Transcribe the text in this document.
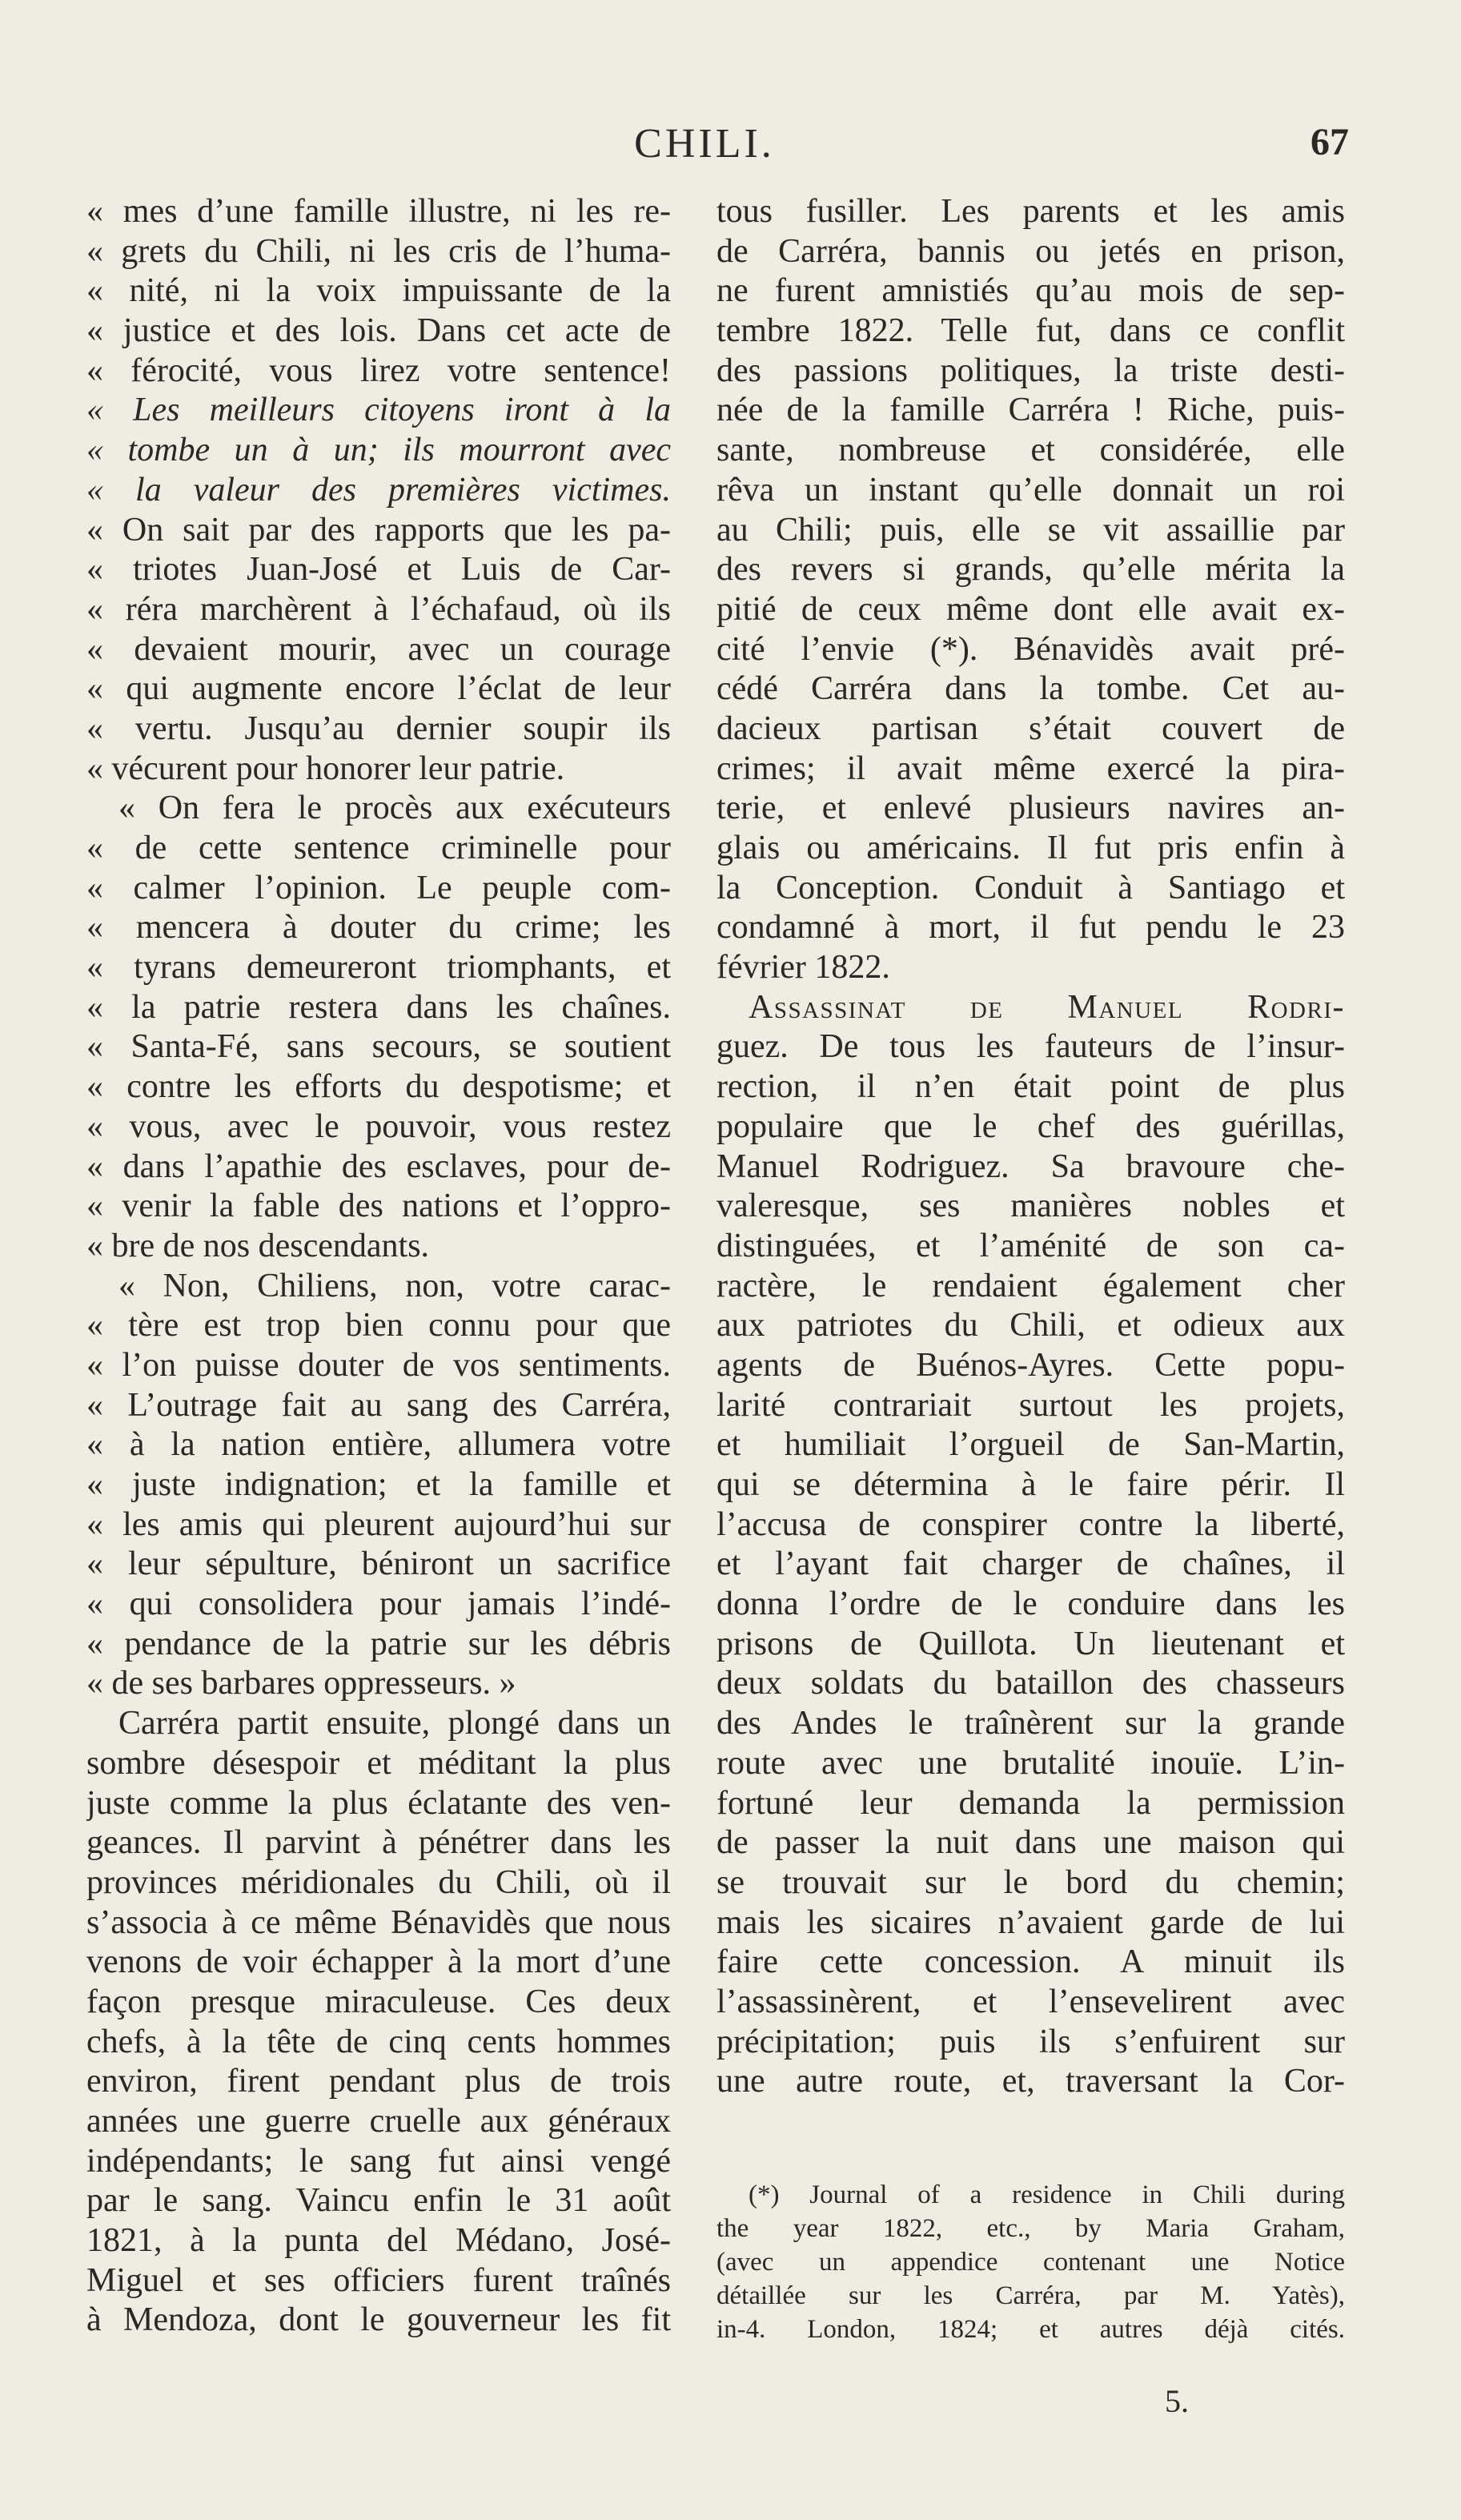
CHILI.	67
« mes d’une famille illustre, ni les re-
« grets du Chili, ni les cris de l’huma-
« nité, ni la voix impuissante de la
« justice et des lois. Dans cet acte de
« férocité, vous lirez votre sentence!
« Les meilleurs citoyens iront à la
« tombe un à un; ils mourront avec
« la valeur des premières victimes.
« On sait par des rapports que les pa-
« triotes Juan-José et Luis de Car-
« réra marchèrent à l’échafaud, où ils
« devaient mourir, avec un courage
« qui augmente encore l’éclat de leur
« vertu. Jusqu’au dernier soupir ils
« vécurent pour honorer leur patrie.
« On fera le procès aux exécuteurs
« de cette sentence criminelle pour
« calmer l’opinion. Le peuple com-
« mencera à douter du crime; les
« tyrans demeureront triomphants, et
« la patrie restera dans les chaînes.
« Santa-Fé, sans secours, se soutient
« contre les efforts du despotisme; et
« vous, avec le pouvoir, vous restez
« dans l’apathie des esclaves, pour de-
« venir la fable des nations et l’oppro-
« bre de nos descendants.
« Non, Chiliens, non, votre carac-
« tère est trop bien connu pour que
« l’on puisse douter de vos sentiments.
« L’outrage fait au sang des Carréra,
« à la nation entière, allumera votre
« juste indignation; et la famille et
« les amis qui pleurent aujourd’hui sur
« leur sépulture, béniront un sacrifice
« qui consolidera pour jamais l’indé-
« pendance de la patrie sur les débris
« de ses barbares oppresseurs. »
Carréra partit ensuite, plongé dans un
sombre désespoir et méditant la plus
juste comme la plus éclatante des ven-
geances. Il parvint à pénétrer dans les
provinces méridionales du Chili, où il
s’associa à ce même Bénavidès que nous
venons de voir échapper à la mort d’une
façon presque miraculeuse. Ces deux
chefs, à la tête de cinq cents hommes
environ, firent pendant plus de trois
années une guerre cruelle aux généraux
indépendants; le sang fut ainsi vengé
par le sang. Vaincu enfin le 31 août
1821, à la punta del Médano, José-
Miguel et ses officiers furent traînés
à Mendoza, dont le gouverneur les fit
tous fusiller. Les parents et les amis
de Carréra, bannis ou jetés en prison,
ne furent amnistiés qu’au mois de sep-
tembre 1822. Telle fut, dans ce conflit
des passions politiques, la triste desti-
née de la famille Carréra ! Riche, puis-
sante, nombreuse et considérée, elle
rêva un instant qu’elle donnait un roi
au Chili; puis, elle se vit assaillie par
des revers si grands, qu’elle mérita la
pitié de ceux même dont elle avait ex-
cité l’envie (*). Bénavidès avait pré-
cédé Carréra dans la tombe. Cet au-
dacieux partisan s’était couvert de
crimes; il avait même exercé la pira-
terie, et enlevé plusieurs navires an-
glais ou américains. Il fut pris enfin à
la Conception. Conduit à Santiago et
condamné à mort, il fut pendu le 23
février 1822.
Assassinat de Manuel Rodri-
guez. De tous les fauteurs de l’insur-
rection, il n’en était point de plus
populaire que le chef des guérillas,
Manuel Rodriguez. Sa bravoure che-
valeresque, ses manières nobles et
distinguées, et l’aménité de son ca-
ractère, le rendaient également cher
aux patriotes du Chili, et odieux aux
agents de Buénos-Ayres. Cette popu-
larité contrariait surtout les projets,
et humiliait l’orgueil de San-Martin,
qui se détermina à le faire périr. Il
l’accusa de conspirer contre la liberté,
et l’ayant fait charger de chaînes, il
donna l’ordre de le conduire dans les
prisons de Quillota. Un lieutenant et
deux soldats du bataillon des chasseurs
des Andes le traînèrent sur la grande
route avec une brutalité inouïe. L’in-
fortuné leur demanda la permission
de passer la nuit dans une maison qui
se trouvait sur le bord du chemin;
mais les sicaires n’avaient garde de lui
faire cette concession. A minuit ils
l’assassinèrent, et l’ensevelirent avec
précipitation; puis ils s’enfuirent sur
une autre route, et, traversant la Cor-
(*) Journal of a residence in Chili during
the year 1822, etc., by Maria Graham,
(avec un appendice contenant une Notice
détaillée sur les Carréra, par M. Yatès),
in-4. London, 1824; et autres déjà cités.
5.
